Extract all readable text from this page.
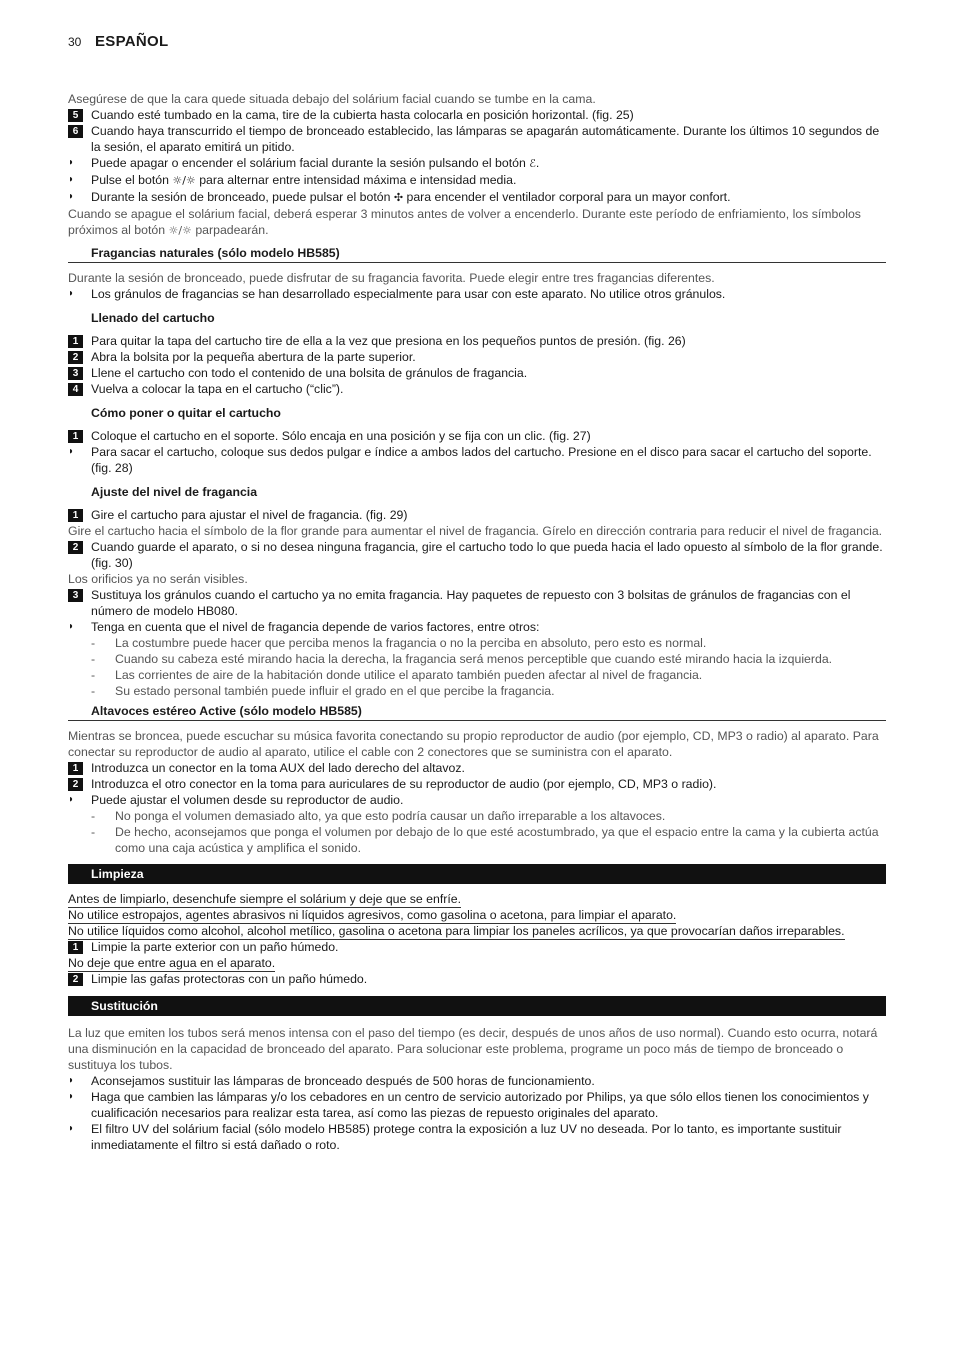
30 ESPAÑOL

Asegúrese de que la cara quede situada debajo del solárium facial cuando se tumbe en la cama.

5	Cuando esté tumbado en la cama, tire de la cubierta hasta colocarla en posición horizontal. (fig. 25)
6	Cuando haya transcurrido el tiempo de bronceado establecido, las lámparas se apagarán automáticamente. Durante los últimos 10 segundos de la sesión, el aparato emitirá un pitido.
◗ Puede apagar o encender el solárium facial durante la sesión pulsando el botón ℰ.
◗ Pulse el botón ☼/☼ para alternar entre intensidad máxima e intensidad media.
◗ Durante la sesión de bronceado, puede pulsar el botón ✣ para encender el ventilador corporal para un mayor confort.

Cuando se apague el solárium facial, deberá esperar 3 minutos antes de volver a encenderlo. Durante este período de enfriamiento, los símbolos próximos al botón ☼/☼ parpadearán.

Fragancias naturales (sólo modelo HB585)

Durante la sesión de bronceado, puede disfrutar de su fragancia favorita. Puede elegir entre tres fragancias diferentes.

◗ Los gránulos de fragancias se han desarrollado especialmente para usar con este aparato. No utilice otros gránulos.
Llenado del cartucho
1	Para quitar la tapa del cartucho tire de ella a la vez que presiona en los pequeños puntos de presión. (fig. 26)
2	Abra la bolsita por la pequeña abertura de la parte superior.
3	Llene el cartucho con todo el contenido de una bolsita de gránulos de fragancia.
4	Vuelva a colocar la tapa en el cartucho (“clic”).
Cómo poner o quitar el cartucho
1	Coloque el cartucho en el soporte. Sólo encaja en una posición y se fija con un clic. (fig. 27)
◗ Para sacar el cartucho, coloque sus dedos pulgar e índice a ambos lados del cartucho. Presione en el disco para sacar el cartucho del soporte. (fig. 28)
Ajuste del nivel de fragancia
1	Gire el cartucho para ajustar el nivel de fragancia. (fig. 29)

Gire el cartucho hacia el símbolo de la flor grande para aumentar el nivel de fragancia. Gírelo en dirección contraria para reducir el nivel de fragancia.

2	Cuando guarde el aparato, o si no desea ninguna fragancia, gire el cartucho todo lo que pueda hacia el lado opuesto al símbolo de la flor grande. (fig. 30)

Los orificios ya no serán visibles.

3	Sustituya los gránulos cuando el cartucho ya no emita fragancia. Hay paquetes de repuesto con 3 bolsitas de gránulos de fragancias con el número de modelo HB080.
◗ Tenga en cuenta que el nivel de fragancia depende de varios factores, entre otros:
- La costumbre puede hacer que perciba menos la fragancia o no la perciba en absoluto, pero esto es normal.
- Cuando su cabeza esté mirando hacia la derecha, la fragancia será menos perceptible que cuando esté mirando hacia la izquierda.
- Las corrientes de aire de la habitación donde utilice el aparato también pueden afectar al nivel de fragancia.
- Su estado personal también puede influir el grado en el que percibe la fragancia.
Altavoces estéreo Active (sólo modelo HB585)

Mientras se broncea, puede escuchar su música favorita conectando su propio reproductor de audio (por ejemplo, CD, MP3 o radio) al aparato. Para conectar su reproductor de audio al aparato, utilice el cable con 2 conectores que se suministra con el aparato.

1	Introduzca un conector en la toma AUX del lado derecho del altavoz.
2	Introduzca el otro conector en la toma para auriculares de su reproductor de audio (por ejemplo, CD, MP3 o radio).
◗ Puede ajustar el volumen desde su reproductor de audio.
- No ponga el volumen demasiado alto, ya que esto podría causar un daño irreparable a los altavoces.
- De hecho, aconsejamos que ponga el volumen por debajo de lo que esté acostumbrado, ya que el espacio entre la cama y la cubierta actúa como una caja acústica y amplifica el sonido.
Limpieza

Antes de limpiarlo, desenchufe siempre el solárium y deje que se enfríe.

No utilice estropajos, agentes abrasivos ni líquidos agresivos, como gasolina o acetona, para limpiar el aparato.

No utilice líquidos como alcohol, alcohol metílico, gasolina o acetona para limpiar los paneles acrílicos, ya que provocarían daños irreparables.

1	Limpie la parte exterior con un paño húmedo.

No deje que entre agua en el aparato.

2	Limpie las gafas protectoras con un paño húmedo.
Sustitución

La luz que emiten los tubos será menos intensa con el paso del tiempo (es decir, después de unos años de uso normal). Cuando esto ocurra, notará una disminución en la capacidad de bronceado del aparato. Para solucionar este problema, programe un poco más de tiempo de bronceado o sustituya los tubos.

◗ Aconsejamos sustituir las lámparas de bronceado después de 500 horas de funcionamiento.
◗ Haga que cambien las lámparas y/o los cebadores en un centro de servicio autorizado por Philips, ya que sólo ellos tienen los conocimientos y cualificación necesarios para realizar esta tarea, así como las piezas de repuesto originales del aparato.
◗ El filtro UV del solárium facial (sólo modelo HB585) protege contra la exposición a luz UV no deseada. Por lo tanto, es importante sustituir inmediatamente el filtro si está dañado o roto.
